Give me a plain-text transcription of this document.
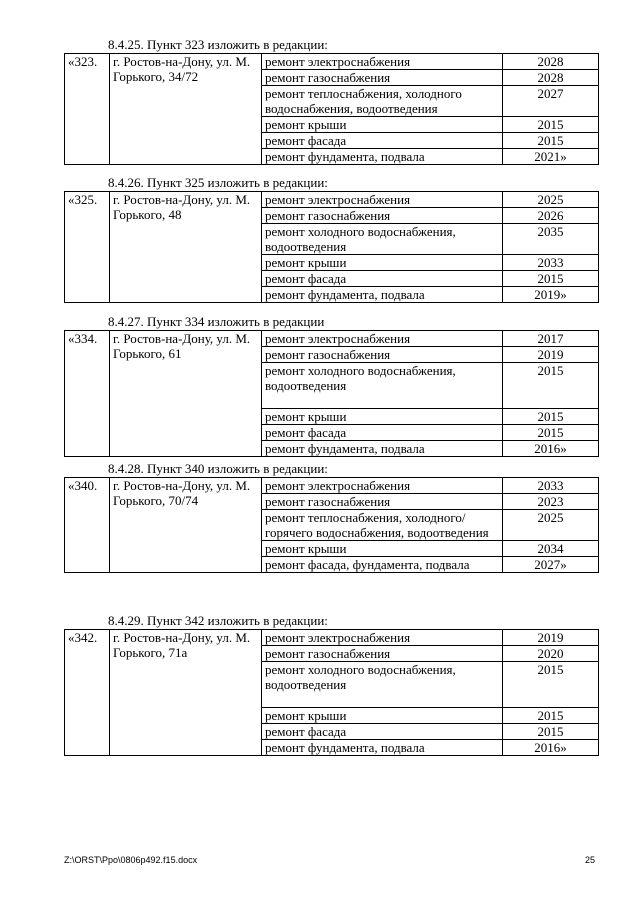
8.4.25. Пункт 323 изложить в редакции:
«323.	г. Ростов-на-Дону, ул. М. Горького, 34/72	ремонт электроснабжения	2028
		ремонт газоснабжения	2028
		ремонт теплоснабжения, холодного водоснабжения, водоотведения	2027
		ремонт крыши	2015
		ремонт фасада	2015
		ремонт фундамента, подвала	2021»
8.4.26. Пункт 325 изложить в редакции:
«325.	г. Ростов-на-Дону, ул. М. Горького, 48	ремонт электроснабжения	2025
		ремонт газоснабжения	2026
		ремонт холодного водоснабжения, водоотведения	2035
		ремонт крыши	2033
		ремонт фасада	2015
		ремонт фундамента, подвала	2019»
8.4.27. Пункт 334 изложить в редакции
«334.	г. Ростов-на-Дону, ул. М. Горького, 61	ремонт электроснабжения	2017
		ремонт газоснабжения	2019
		ремонт холодного водоснабжения, водоотведения	2015
		ремонт крыши	2015
		ремонт фасада	2015
		ремонт фундамента, подвала	2016»
8.4.28. Пункт 340 изложить в редакции:
«340.	г. Ростов-на-Дону, ул. М. Горького, 70/74	ремонт электроснабжения	2033
		ремонт газоснабжения	2023
		ремонт теплоснабжения, холодного/горячего водоснабжения, водоотведения	2025
		ремонт крыши	2034
		ремонт фасада, фундамента, подвала	2027»
8.4.29. Пункт 342 изложить в редакции:
«342.	г. Ростов-на-Дону, ул. М. Горького, 71а	ремонт электроснабжения	2019
		ремонт газоснабжения	2020
		ремонт холодного водоснабжения, водоотведения	2015
		ремонт крыши	2015
		ремонт фасада	2015
		ремонт фундамента, подвала	2016»
Z:\ORST\Ppo\0806p492.f15.docx	25
